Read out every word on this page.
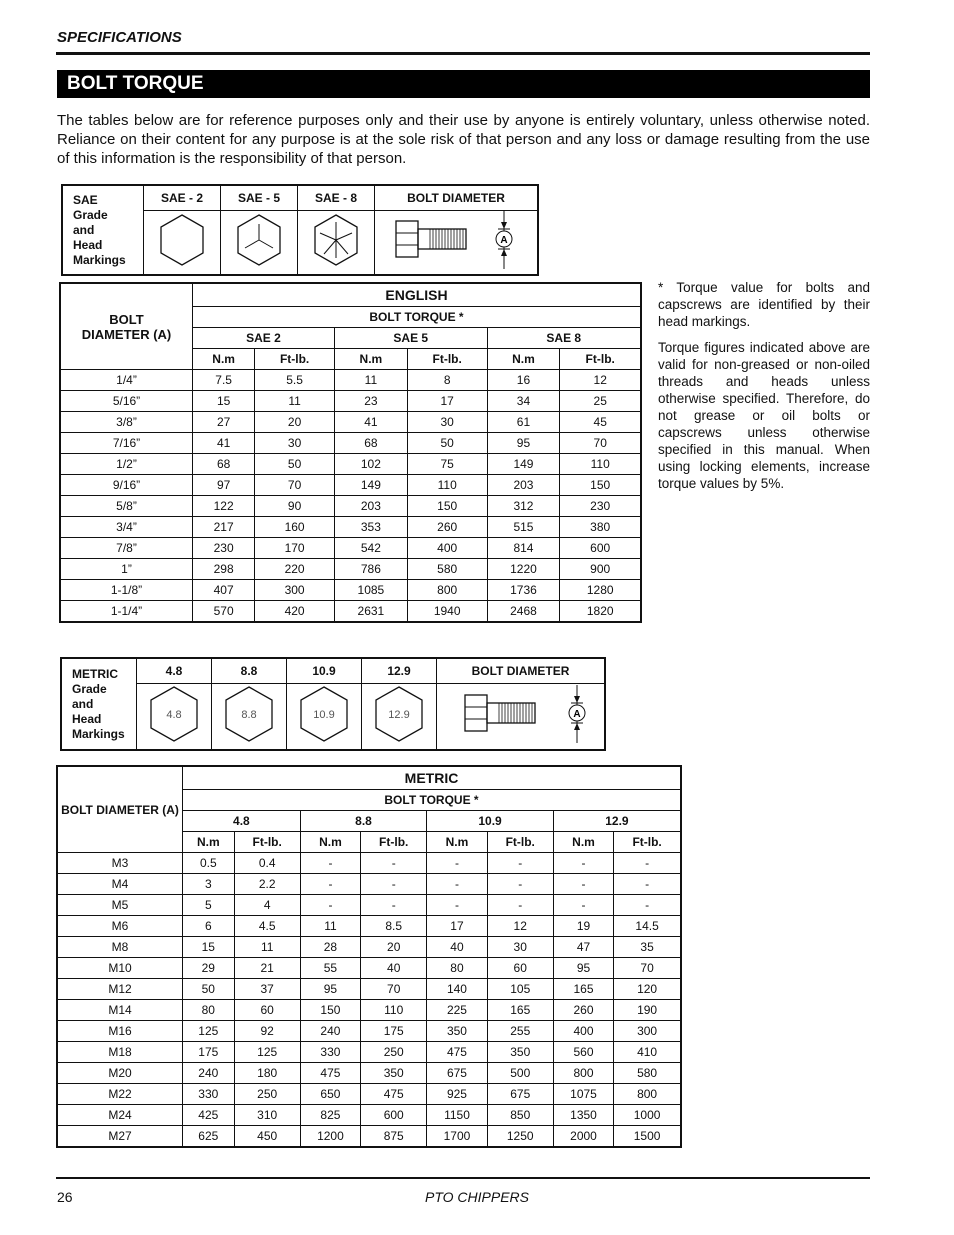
SPECIFICATIONS
BOLT TORQUE
The tables below are for reference purposes only and their use by anyone is entirely voluntary, unless otherwise noted. Reliance on their content for any purpose is at the sole risk of that person and any loss or damage resulting from the use of this information is the responsibility of that person.
SAE
Grade
and
Head
Markings	SAE - 2	SAE - 5	SAE - 8	BOLT DIAMETER

A
BOLT
DIAMETER (A)	ENGLISH					
	BOLT TORQUE *					
	SAE 2		SAE 5		SAE 8	
	N.m	Ft-lb.	N.m	Ft-lb.	N.m	Ft-lb.
1/4”	7.5	5.5	11	8	16	12
5/16”	15	11	23	17	34	25
3/8”	27	20	41	30	61	45
7/16”	41	30	68	50	95	70
1/2”	68	50	102	75	149	110
9/16”	97	70	149	110	203	150
5/8”	122	90	203	150	312	230
3/4”	217	160	353	260	515	380
7/8”	230	170	542	400	814	600
1”	298	220	786	580	1220	900
1-1/8”	407	300	1085	800	1736	1280
1-1/4”	570	420	2631	1940	2468	1820

* Torque value for bolts and capscrews are identified by their head markings.

Torque figures indicated above are valid for non-greased or non-oiled threads and heads unless otherwise specified. Therefore, do not grease or oil bolts or capscrews unless otherwise specified in this manual. When using locking elements, increase torque values by 5%.

METRIC
Grade
and
Head
Markings	4.8	8.8	10.9	12.9	BOLT DIAMETER

4.8	8.8	10.9	12.9	A
BOLT DIAMETER (A)	METRIC							
	BOLT TORQUE *							
	4.8		8.8		10.9		12.9	
	N.m	Ft-lb.	N.m	Ft-lb.	N.m	Ft-lb.	N.m	Ft-lb.
M3	0.5	0.4	-	-	-	-	-	-
M4	3	2.2	-	-	-	-	-	-
M5	5	4	-	-	-	-	-	-
M6	6	4.5	11	8.5	17	12	19	14.5
M8	15	11	28	20	40	30	47	35
M10	29	21	55	40	80	60	95	70
M12	50	37	95	70	140	105	165	120
M14	80	60	150	110	225	165	260	190
M16	125	92	240	175	350	255	400	300
M18	175	125	330	250	475	350	560	410
M20	240	180	475	350	675	500	800	580
M22	330	250	650	475	925	675	1075	800
M24	425	310	825	600	1150	850	1350	1000
M27	625	450	1200	875	1700	1250	2000	1500
26	PTO CHIPPERS
